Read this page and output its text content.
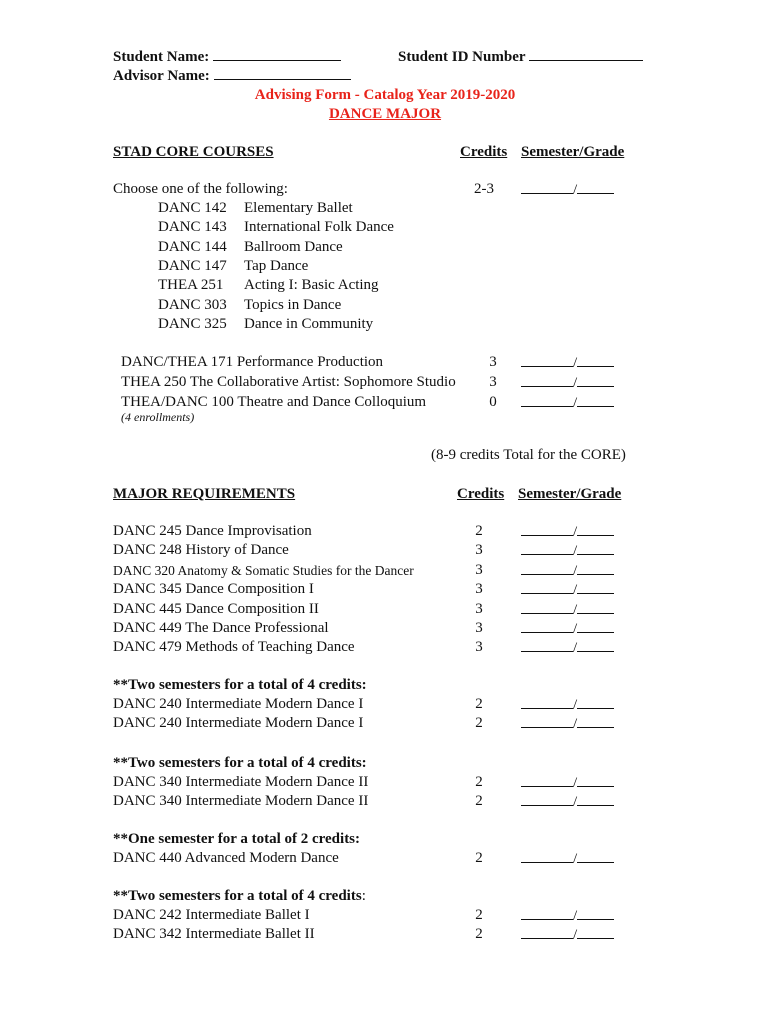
Student Name:	Student ID Number
Advisor Name:
Advising Form - Catalog Year 2019-2020
DANCE MAJOR
STAD CORE COURSES	Credits Semester/Grade
Choose one of the following:	2-3	/
DANC 142 Elementary Ballet
DANC 143 International Folk Dance
DANC 144 Ballroom Dance
DANC 147 Tap Dance
THEA 251 Acting I: Basic Acting
DANC 303 Topics in Dance
DANC 325 Dance in Community
DANC/THEA 171 Performance Production	3	/
THEA 250 The Collaborative Artist: Sophomore Studio	3	/
THEA/DANC 100 Theatre and Dance Colloquium	0	/
(4 enrollments)
(8-9 credits Total for the CORE)
MAJOR REQUIREMENTS	Credits Semester/Grade
DANC 245 Dance Improvisation	2	/
DANC 248 History of Dance	3	/
DANC 320 Anatomy & Somatic Studies for the Dancer	3	/
DANC 345 Dance Composition I	3	/
DANC 445 Dance Composition II	3	/
DANC 449 The Dance Professional	3	/
DANC 479 Methods of Teaching Dance	3	/
**Two semesters for a total of 4 credits:
DANC 240 Intermediate Modern Dance I	2	/
DANC 240 Intermediate Modern Dance I	2	/
**Two semesters for a total of 4 credits:
DANC 340 Intermediate Modern Dance II	2	/
DANC 340 Intermediate Modern Dance II	2	/
**One semester for a total of 2 credits:
DANC 440 Advanced Modern Dance	2	/
**Two semesters for a total of 4 credits:
DANC 242 Intermediate Ballet I	2	/
DANC 342 Intermediate Ballet II	2	/
